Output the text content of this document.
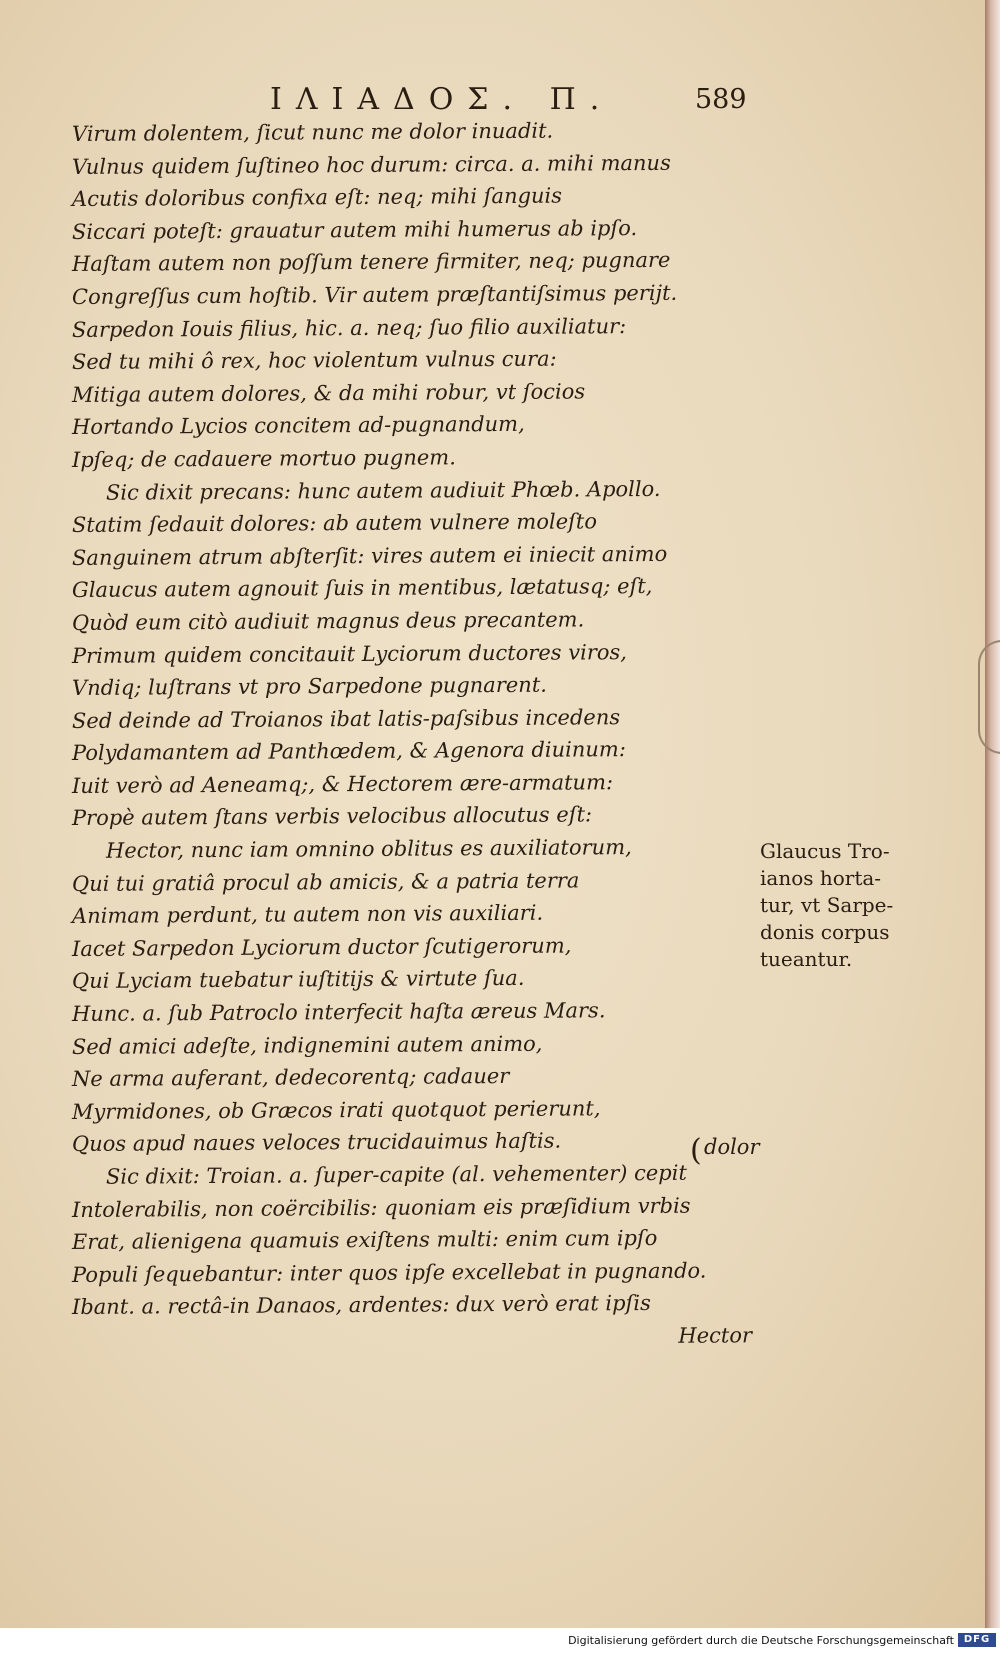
ΙΛΙΑΔΟΣ. Π.	589
Virum dolentem, ſicut nunc me dolor inuadit.
Vulnus quidem ſuſtineo hoc durum: circa. a. mihi manus
Acutis doloribus confixa eſt: neq; mihi ſanguis
Siccari poteſt: grauatur autem mihi humerus ab ipſo.
Haſtam autem non poſſum tenere firmiter, neq; pugnare
Congreſſus cum hoſtib. Vir autem præſtantiſsimus perijt.
Sarpedon Iouis filius, hic. a. neq; ſuo filio auxiliatur:
Sed tu mihi ô rex, hoc violentum vulnus cura:
Mitiga autem dolores, & da mihi robur, vt ſocios
Hortando Lycios concitem ad-pugnandum,
Ipſeq; de cadauere mortuo pugnem.
Sic dixit precans: hunc autem audiuit Phœb. Apollo.
Statim ſedauit dolores: ab autem vulnere moleſto
Sanguinem atrum abſterſit: vires autem ei iniecit animo
Glaucus autem agnouit ſuis in mentibus, lætatusq; eſt,
Quòd eum citò audiuit magnus deus precantem.
Primum quidem concitauit Lyciorum ductores viros,
Vndiq; luſtrans vt pro Sarpedone pugnarent.
Sed deinde ad Troianos ibat latis-paſsibus incedens
Polydamantem ad Panthœdem, & Agenora diuinum:
Iuit verò ad Aeneamq;, & Hectorem ære-armatum:
Propè autem ſtans verbis velocibus allocutus eſt:
Hector, nunc iam omnino oblitus es auxiliatorum,
Qui tui gratiâ procul ab amicis, & a patria terra
Animam perdunt, tu autem non vis auxiliari.
Iacet Sarpedon Lyciorum ductor ſcutigerorum,
Qui Lyciam tuebatur iuſtitijs & virtute ſua.
Hunc. a. ſub Patroclo interfecit haſta æreus Mars.
Sed amici adeſte, indignemini autem animo,
Ne arma auferant, dedecorentq; cadauer
Myrmidones, ob Græcos irati quotquot perierunt,
Quos apud naues veloces trucidauimus haſtis.
Sic dixit: Troian. a. ſuper-capite (al. vehementer) cepit
Intolerabilis, non coërcibilis: quoniam eis præſidium vrbis
Erat, alienigena quamuis exiſtens multi: enim cum ipſo
Populi ſequebantur: inter quos ipſe excellebat in pugnando.
Ibant. a. rectâ-in Danaos, ardentes: dux verò erat ipſis
Hector
( dolor
Glaucus Tro-
ianos horta-
tur, vt Sarpe-
donis corpus
tueantur.
Digitalisierung gefördert durch die Deutsche Forschungsgemeinschaft DFG
